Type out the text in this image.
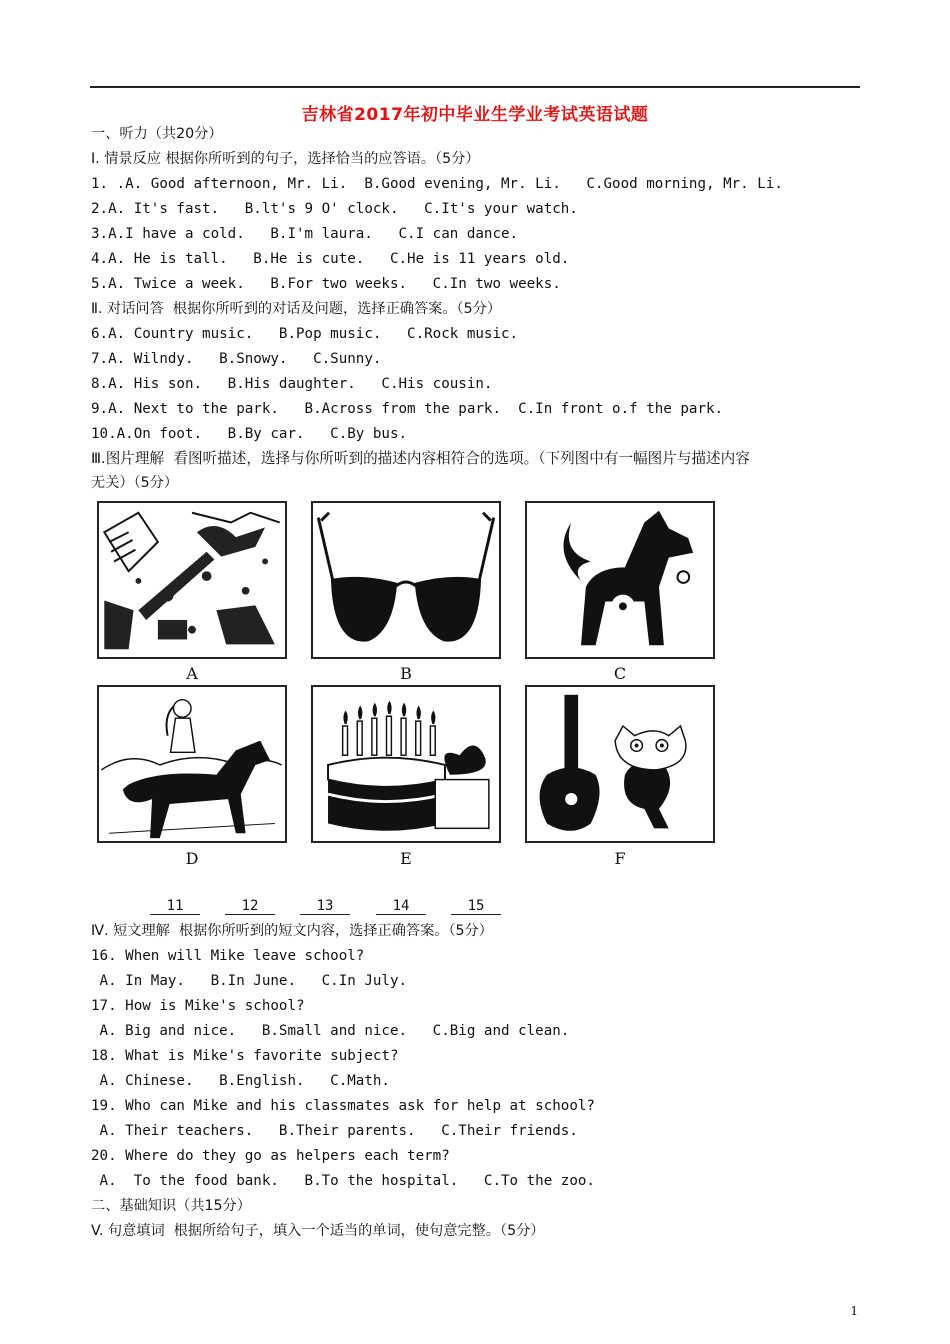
吉林省2017年初中毕业生学业考试英语试题
一、听力（共20分）
I. 情景反应 根据你所听到的句子，选择恰当的应答语。（5分）
1. .A. Good afternoon, Mr. Li.  B.Good evening, Mr. Li.   C.Good morning, Mr. Li.
2.A. It's fast.   B.lt's 9 O' clock.   C.It's your watch.
3.A.I have a cold.   B.I'm laura.   C.I can dance.
4.A. He is tall.   B.He is cute.   C.He is 11 years old.
5.A. Twice a week.   B.For two weeks.   C.In two weeks.
Ⅱ. 对话问答  根据你所听到的对话及问题，选择正确答案。（5分）
6.A. Country music.   B.Pop music.   C.Rock music.
7.A. Wilndy.   B.Snowy.   C.Sunny.
8.A. His son.   B.His daughter.   C.His cousin.
9.A. Next to the park.   B.Across from the park.  C.In front o.f the park.
10.A.On foot.   B.By car.   C.By bus.
Ⅲ.图片理解  看图听描述，选择与你所听到的描述内容相符合的选项。（下列图中有一幅图片与描述内容
无关）（5分）
A	B	C
D	E	F
11	12	13	14	15
Ⅳ. 短文理解  根据你所听到的短文内容，选择正确答案。（5分）
16. When will Mike leave school?
A. In May.   B.In June.   C.In July.
17. How is Mike's school?
A. Big and nice.   B.Small and nice.   C.Big and clean.
18. What is Mike's favorite subject?
A. Chinese.   B.English.   C.Math.
19. Who can Mike and his classmates ask for help at school?
A. Their teachers.   B.Their parents.   C.Their friends.
20. Where do they go as helpers each term?
A.  To the food bank.   B.To the hospital.   C.To the zoo.
二、基础知识（共15分）
V. 句意填词  根据所给句子，填入一个适当的单词，使句意完整。（5分）
1
